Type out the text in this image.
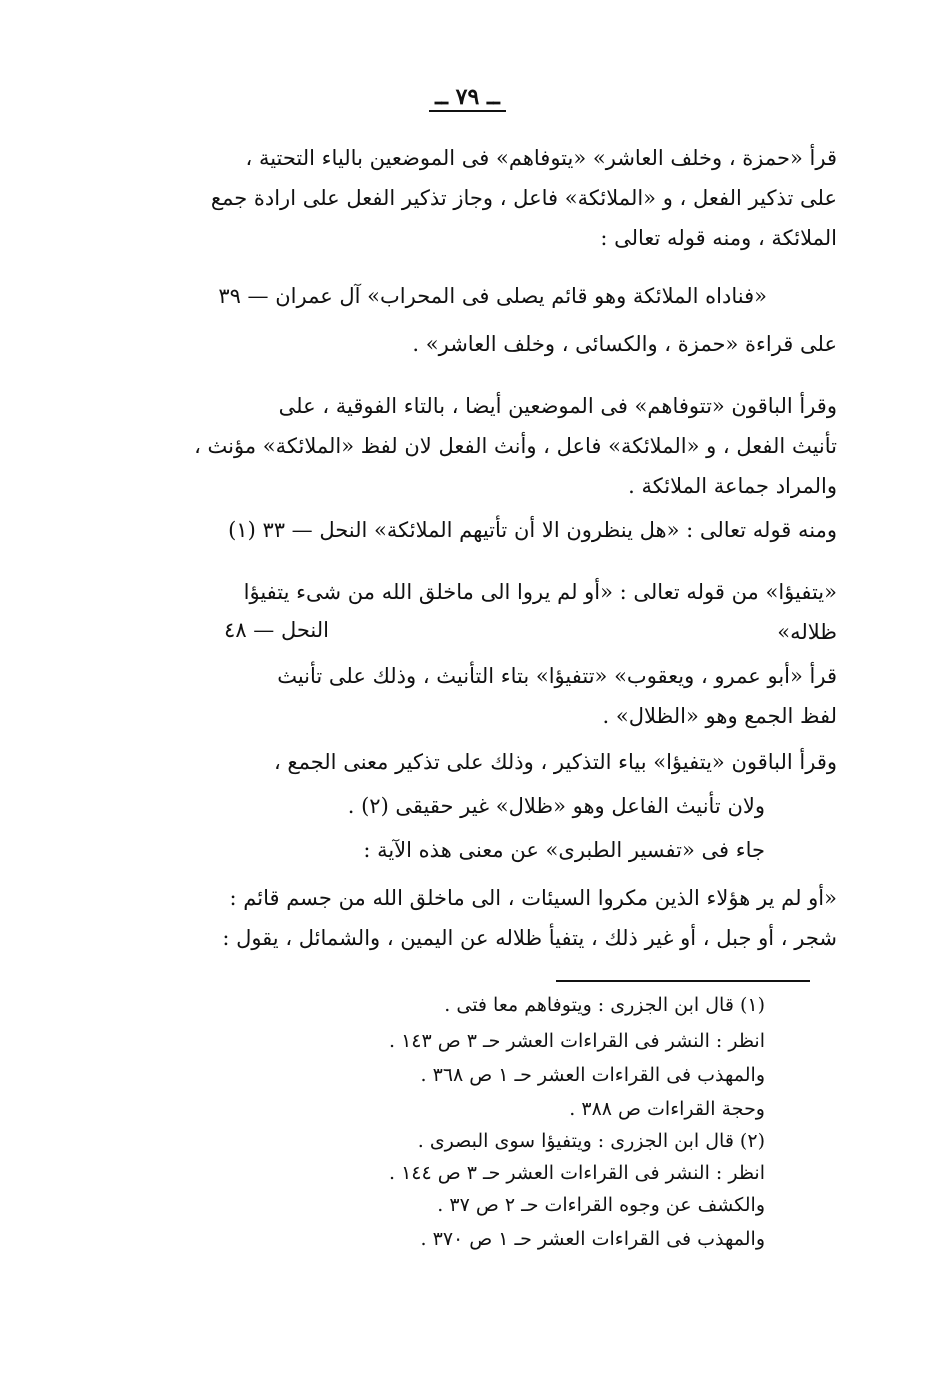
ــ ٧٩ ــ
قرأ «حمزة ، وخلف العاشر» «يتوفاهم» فى الموضعين بالياء التحتية ،
على تذكير الفعل ، و «الملائكة» فاعل ، وجاز تذكير الفعل على ارادة جمع
الملائكة ، ومنه قوله تعالى :
«فناداه الملائكة وهو قائم يصلى فى المحراب» آل عمران — ٣٩
على قراءة «حمزة ، والكسائى ، وخلف العاشر» .
وقرأ الباقون «تتوفاهم» فى الموضعين أيضا ، بالتاء الفوقية ، على
تأنيث الفعل ، و «الملائكة» فاعل ، وأنث الفعل لان لفظ «الملائكة» مؤنث ،
والمراد جماعة الملائكة .
ومنه قوله تعالى : «هل ينظرون الا أن تأتيهم الملائكة» النحل — ٣٣ (١)
«يتفيؤا» من قوله تعالى : «أو لم يروا الى ماخلق الله من شىء يتفيؤا
ظلاله»
النحل — ٤٨
قرأ «أبو عمرو ، ويعقوب» «تتفيؤا» بتاء التأنيث ، وذلك على تأنيث
لفظ الجمع وهو «الظلال» .
وقرأ الباقون «يتفيؤا» بياء التذكير ، وذلك على تذكير معنى الجمع ،
ولان تأنيث الفاعل وهو «ظلال» غير حقيقى (٢) .
جاء فى «تفسير الطبرى» عن معنى هذه الآية :
«أو لم ير هؤلاء الذين مكروا السيئات ، الى ماخلق الله من جسم قائم :
شجر ، أو جبل ، أو غير ذلك ، يتفيأ ظلاله عن اليمين ، والشمائل ، يقول :
(١) قال ابن الجزرى : ويتوفاهم معا فتى .
انظر : النشر فى القراءات العشر حـ ٣ ص ١٤٣ .
والمهذب فى القراءات العشر حـ ١ ص ٣٦٨ .
وحجة القراءات ص ٣٨٨ .
(٢) قال ابن الجزرى : ويتفيؤا سوى البصرى .
انظر : النشر فى القراءات العشر حـ ٣ ص ١٤٤ .
والكشف عن وجوه القراءات حـ ٢ ص ٣٧ .
والمهذب فى القراءات العشر حـ ١ ص ٣٧٠ .
